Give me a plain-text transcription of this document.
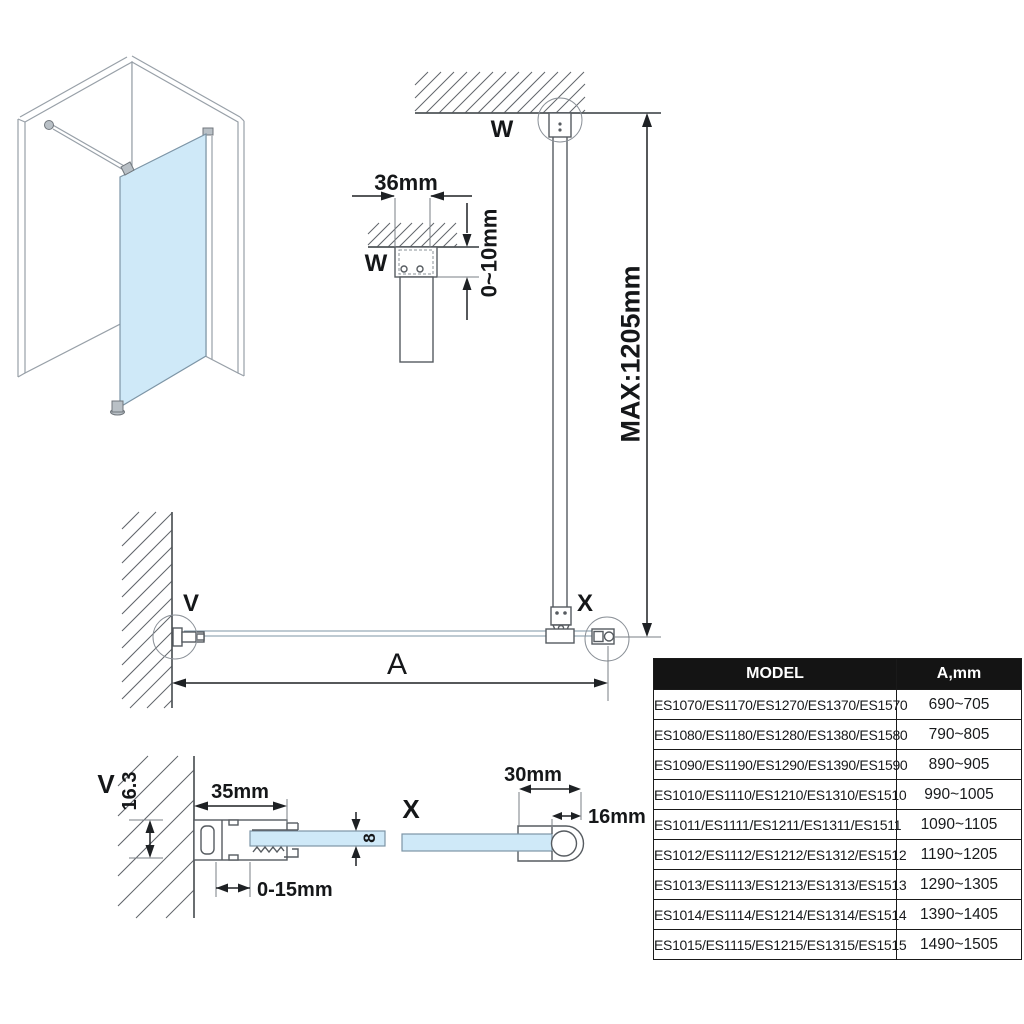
36mm
0~10mm
W
W
MAX:1205mm
X
V
A
V 16.3	35mm
8
0-15mm
X
30mm
16mm
MODEL	A,mm
ES1070/ES1170/ES1270/ES1370/ES1570	690~705
ES1080/ES1180/ES1280/ES1380/ES1580	790~805
ES1090/ES1190/ES1290/ES1390/ES1590	890~905
ES1010/ES1110/ES1210/ES1310/ES1510	990~1005
ES1011/ES1111/ES1211/ES1311/ES1511	1090~1105
ES1012/ES1112/ES1212/ES1312/ES1512	1190~1205
ES1013/ES1113/ES1213/ES1313/ES1513	1290~1305
ES1014/ES1114/ES1214/ES1314/ES1514	1390~1405
ES1015/ES1115/ES1215/ES1315/ES1515	1490~1505
